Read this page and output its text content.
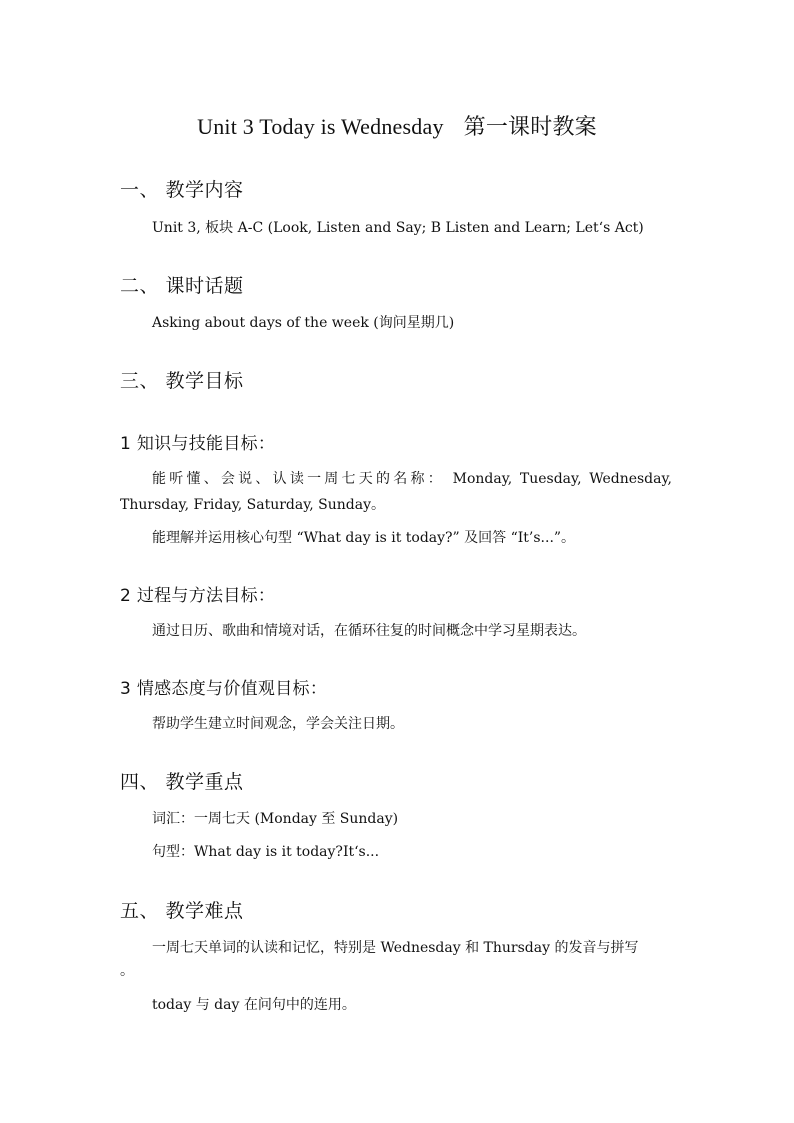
Unit 3 Today is Wednesday 第一课时教案
一、 教学内容
Unit 3, 板块 A-C (Look, Listen and Say; B Listen and Learn; Let‘s Act)
二、 课时话题
Asking about days of the week (询问星期几)
三、 教学目标
1 知识与技能目标：
能听懂、会说、认读一周七天的名称： Monday, Tuesday, Wednesday,
Thursday, Friday, Saturday, Sunday。
能理解并运用核心句型 “What day is it today?” 及回答 “It’s...”。
2 过程与方法目标：
通过日历、歌曲和情境对话，在循环往复的时间概念中学习星期表达。
3 情感态度与价值观目标：
帮助学生建立时间观念，学会关注日期。
四、 教学重点
词汇：一周七天 (Monday 至 Sunday)
句型：What day is it today?It‘s...
五、 教学难点
一周七天单词的认读和记忆，特别是 Wednesday 和 Thursday 的发音与拼写
。
today 与 day 在问句中的连用。
